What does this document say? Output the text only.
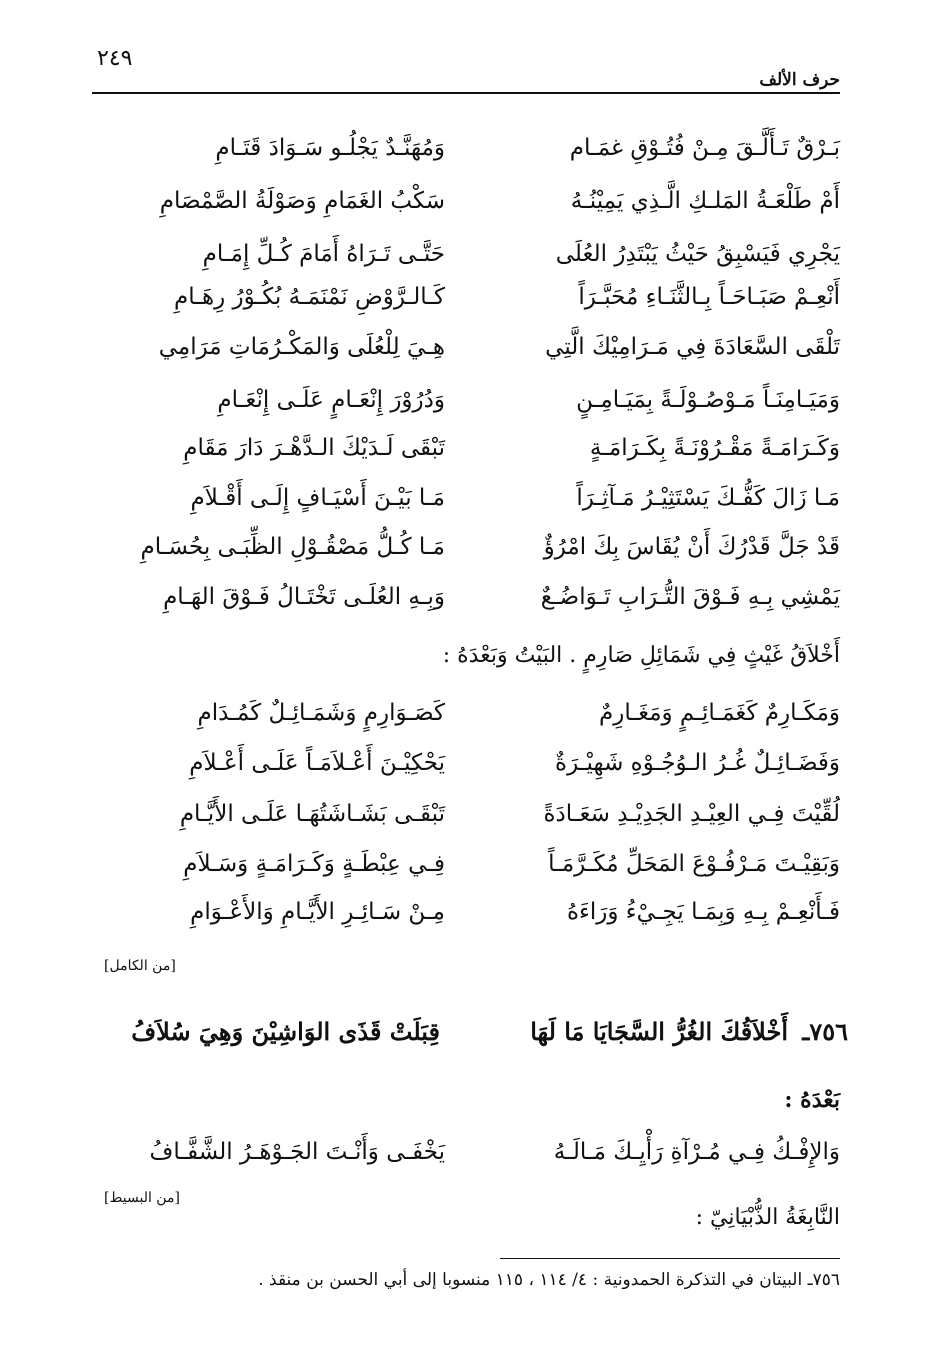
٢٤٩
حرف الألف
بَـرْقٌ تَـأَلَّـقَ مِـنْ فُتُـوْقِ غمَـام
وَمُهَنَّـدٌ يَجْلُـو سَـوَادَ قَتَـامِ
أَمْ طَلْعَـةُ المَلـكِ الَّـذِي يَمِيْنُـهُ
سَكْبُ الغَمَامِ وَصَوْلَةُ الصَّمْصَامِ
يَجْرِي فَيَسْبِقُ حَيْثُ يَبْتَدِرُ العُلَى
حَتَّـى تَـرَاهُ أَمَامَ كُـلِّ إِمَـامِ
أَنْعِـمْ صَبَـاحَـاً بِـالثَّنَـاءِ مُحَبَّـرَاً
كَـالـرَّوْضِ نَمْنَمَـهُ بُكُـوْرُ رِهَـامِ
تَلْقَى السَّعَادَةَ فِي مَـرَامِيْكَ الَّتِي
هِـيَ لِلْعُلَى وَالمَكْـرُمَاتِ مَرَامِي
وَمَيَـامِنَـاً مَـوْصُـوْلَـةً بِمَيَـامِـنٍ
وَدُرُوْرَ إِنْعَـامٍ عَلَـى إِنْعَـامِ
وَكَـرَامَـةً مَقْـرُوْنَـةً بِكَـرَامَـةٍ
تَبْقَى لَـدَيْكَ الـدَّهْـرَ دَارَ مَقَامِ
مَـا زَالَ كَفُّـكَ يَسْتَثِيْـرُ مَـآثِـرَاً
مَـا بَيْـنَ أَسْيَـافٍ إِلَـى أَقْـلاَمِ
قَدْ جَلَّ قَدْرُكَ أَنْ يُقَاسَ بِكَ امْرُؤٌ
مَـا كُـلُّ مَصْقُـوْلِ الظِّبَـى بِحُسَـامِ
يَمْشِي بِـهِ فَـوْقَ التُّـرَابِ تَـوَاضُـعٌ
وَبِـهِ العُلَـى تَخْتَـالُ فَـوْقَ الهَـامِ
أَخْلاَقُ غَيْثٍ فِي شَمَائِلِ صَارِمٍ . البَيْتُ وَبَعْدَهُ :
وَمَكَـارِمٌ كَغَمَـائِـمٍ وَمَغَـارِمٌ
كَصَـوَارِمٍ وَشَمَـائِـلٌ كَمُـدَامِ
وَفَضَـائِـلٌ غُـرُ الـوُجُـوْهِ شَهِيْـرَةٌ
يَحْكِيْـنَ أَعْـلاَمَـاً عَلَـى أَعْـلاَمِ
لُقِّيْتَ فِـي العِيْـدِ الجَدِيْـدِ سَعَـادَةً
تَبْقَـى بَشَـاشَتُهَـا عَلَـى الأَيَّـامِ
وَبَقِيْـتَ مَـرْفُـوْعَ المَحَلِّ مُكَـرَّمَـاً
فِـي عِبْطَـةٍ وَكَـرَامَـةٍ وَسَـلاَمِ
فَـأَنْعِـمْ بِـهِ وَبِمَـا يَجِـيْءُ وَرَاءَهُ
مِـنْ سَـائِـرِ الأَيَّـامِ وَالأَعْـوَامِ
[من الكامل]
٧٥٦ـ
أَخْلاَقُكَ الغُرُّ السَّجَايَا مَا لَهَا
قِبَلَتْ قَذَى الوَاشِيْنَ وَهِيَ سُلاَفُ
بَعْدَهُ :
وَالإِفْـكُ فِـي مُـرْآةِ رَأْيِـكَ مَـالَـهُ
يَخْفَـى وَأَنْـتَ الجَـوْهَـرُ الشَّفَّـافُ
[من البسيط]
النَّابِغَةُ الذُّبْيَانِيّ :
٧٥٦ـ البيتان في التذكرة الحمدونية : ٤/ ١١٤ ، ١١٥ منسوبا إلى أبي الحسن بن منقذ .
